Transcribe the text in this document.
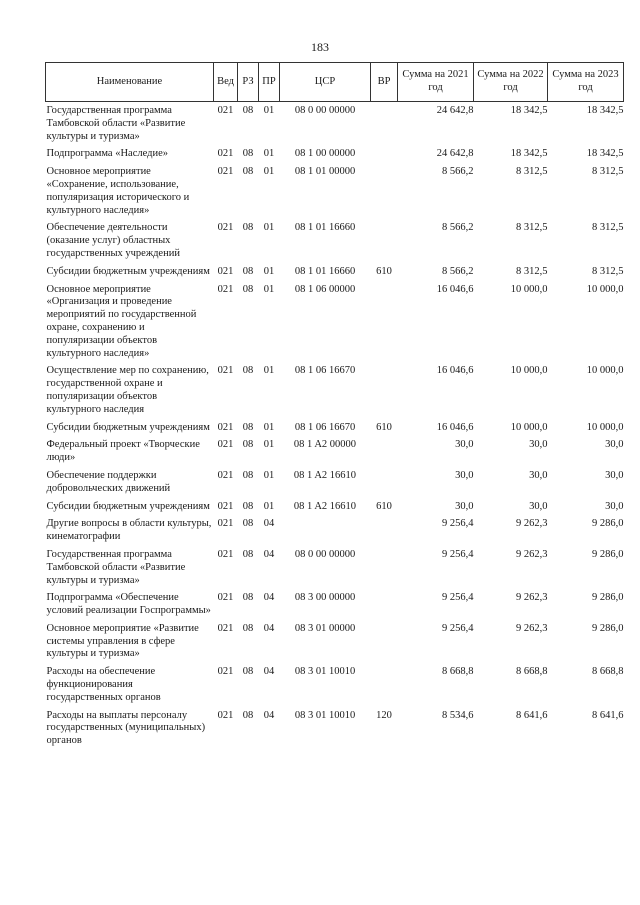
183
Наименование	Вед	РЗ	ПР	ЦСР	ВР	Сумма на 2021 год	Сумма на 2022 год	Сумма на 2023 год
Государственная программа Тамбовской области «Развитие культуры и туризма»	021	08	01	08 0 00 00000		24 642,8	18 342,5	18 342,5
Подпрограмма «Наследие»	021	08	01	08 1 00 00000		24 642,8	18 342,5	18 342,5
Основное мероприятие «Сохранение, использование, популяризация исторического и культурного наследия»	021	08	01	08 1 01 00000		8 566,2	8 312,5	8 312,5
Обеспечение деятельности (оказание услуг) областных государственных учреждений	021	08	01	08 1 01 16660		8 566,2	8 312,5	8 312,5
Субсидии бюджетным учреждениям	021	08	01	08 1 01 16660	610	8 566,2	8 312,5	8 312,5
Основное мероприятие «Организация и проведение мероприятий по государственной охране, сохранению и популяризации объектов культурного наследия»	021	08	01	08 1 06 00000		16 046,6	10 000,0	10 000,0
Осуществление мер по сохранению, государственной охране и популяризации объектов культурного наследия	021	08	01	08 1 06 16670		16 046,6	10 000,0	10 000,0
Субсидии бюджетным учреждениям	021	08	01	08 1 06 16670	610	16 046,6	10 000,0	10 000,0
Федеральный проект «Творческие люди»	021	08	01	08 1 A2 00000		30,0	30,0	30,0
Обеспечение поддержки добровольческих движений	021	08	01	08 1 A2 16610		30,0	30,0	30,0
Субсидии бюджетным учреждениям	021	08	01	08 1 A2 16610	610	30,0	30,0	30,0
Другие вопросы в области культуры, кинематографии	021	08	04			9 256,4	9 262,3	9 286,0
Государственная программа Тамбовской области «Развитие культуры и туризма»	021	08	04	08 0 00 00000		9 256,4	9 262,3	9 286,0
Подпрограмма «Обеспечение условий реализации Госпрограммы»	021	08	04	08 3 00 00000		9 256,4	9 262,3	9 286,0
Основное мероприятие «Развитие системы управления в сфере культуры и туризма»	021	08	04	08 3 01 00000		9 256,4	9 262,3	9 286,0
Расходы на обеспечение функционирования государственных органов	021	08	04	08 3 01 10010		8 668,8	8 668,8	8 668,8
Расходы на выплаты персоналу государственных (муниципальных) органов	021	08	04	08 3 01 10010	120	8 534,6	8 641,6	8 641,6
